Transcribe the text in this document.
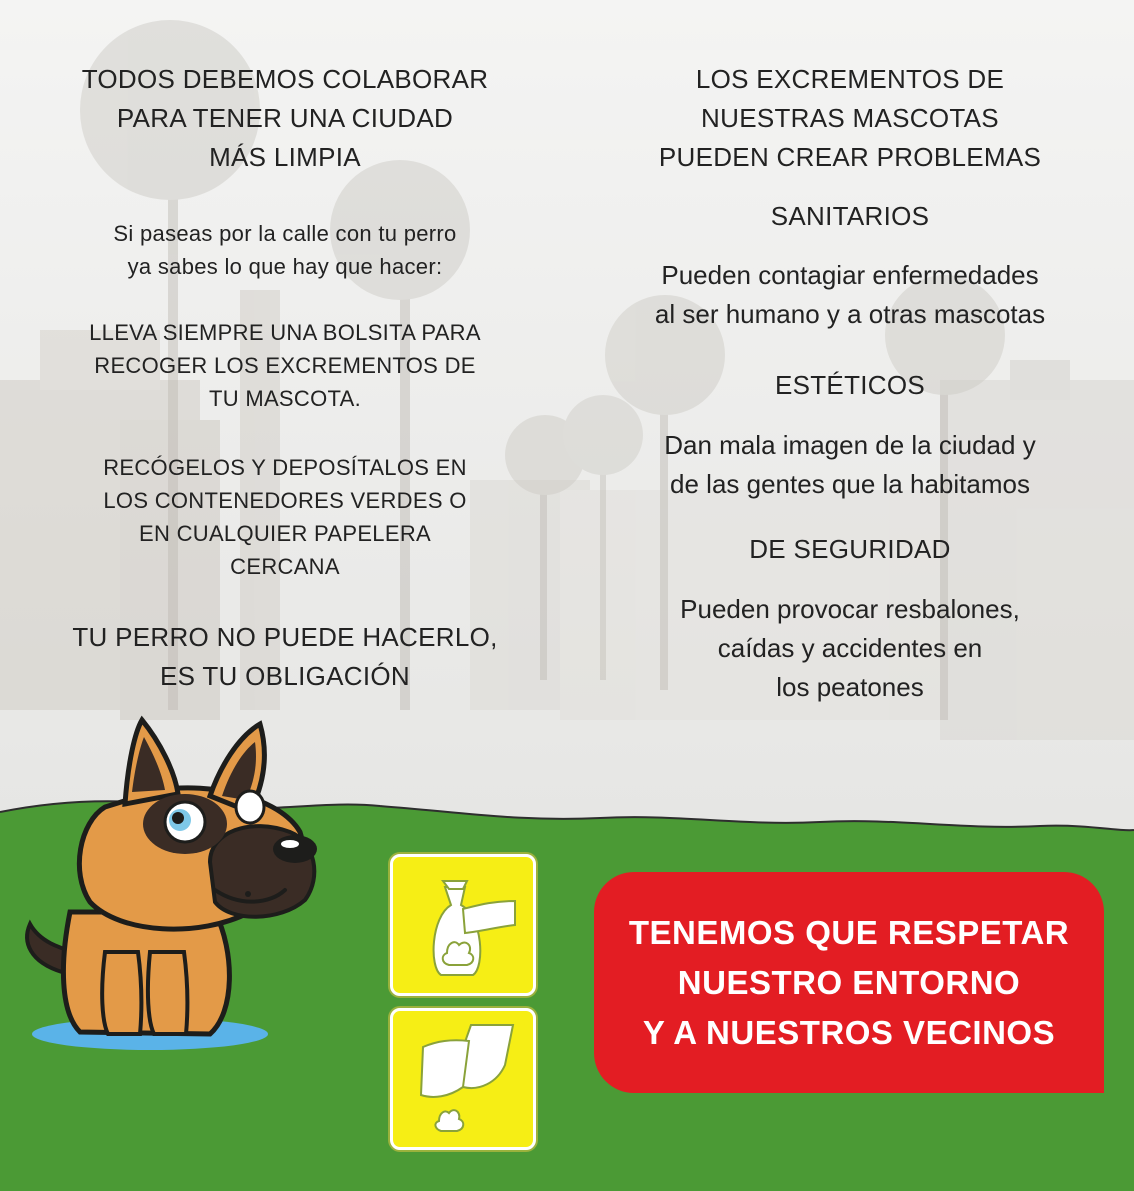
TODOS DEBEMOS COLABORAR

PARA TENER UNA CIUDAD

MÁS LIMPIA

Si paseas por la calle con tu perro

ya sabes lo que hay que hacer:

LLEVA SIEMPRE UNA BOLSITA PARA

RECOGER LOS EXCREMENTOS DE

TU MASCOTA.

RECÓGELOS Y DEPOSÍTALOS EN

LOS CONTENEDORES VERDES O

EN CUALQUIER PAPELERA

CERCANA

TU PERRO NO PUEDE HACERLO,

ES TU OBLIGACIÓN

LOS EXCREMENTOS DE

NUESTRAS MASCOTAS

PUEDEN CREAR PROBLEMAS

SANITARIOS

Pueden contagiar enfermedades

al ser humano y a otras mascotas

ESTÉTICOS

Dan mala imagen de la ciudad y

de las gentes que la habitamos

DE SEGURIDAD

Pueden provocar resbalones,

caídas y accidentes en

los peatones

TENEMOS QUE RESPETAR
NUESTRO ENTORNO
Y A NUESTROS VECINOS
